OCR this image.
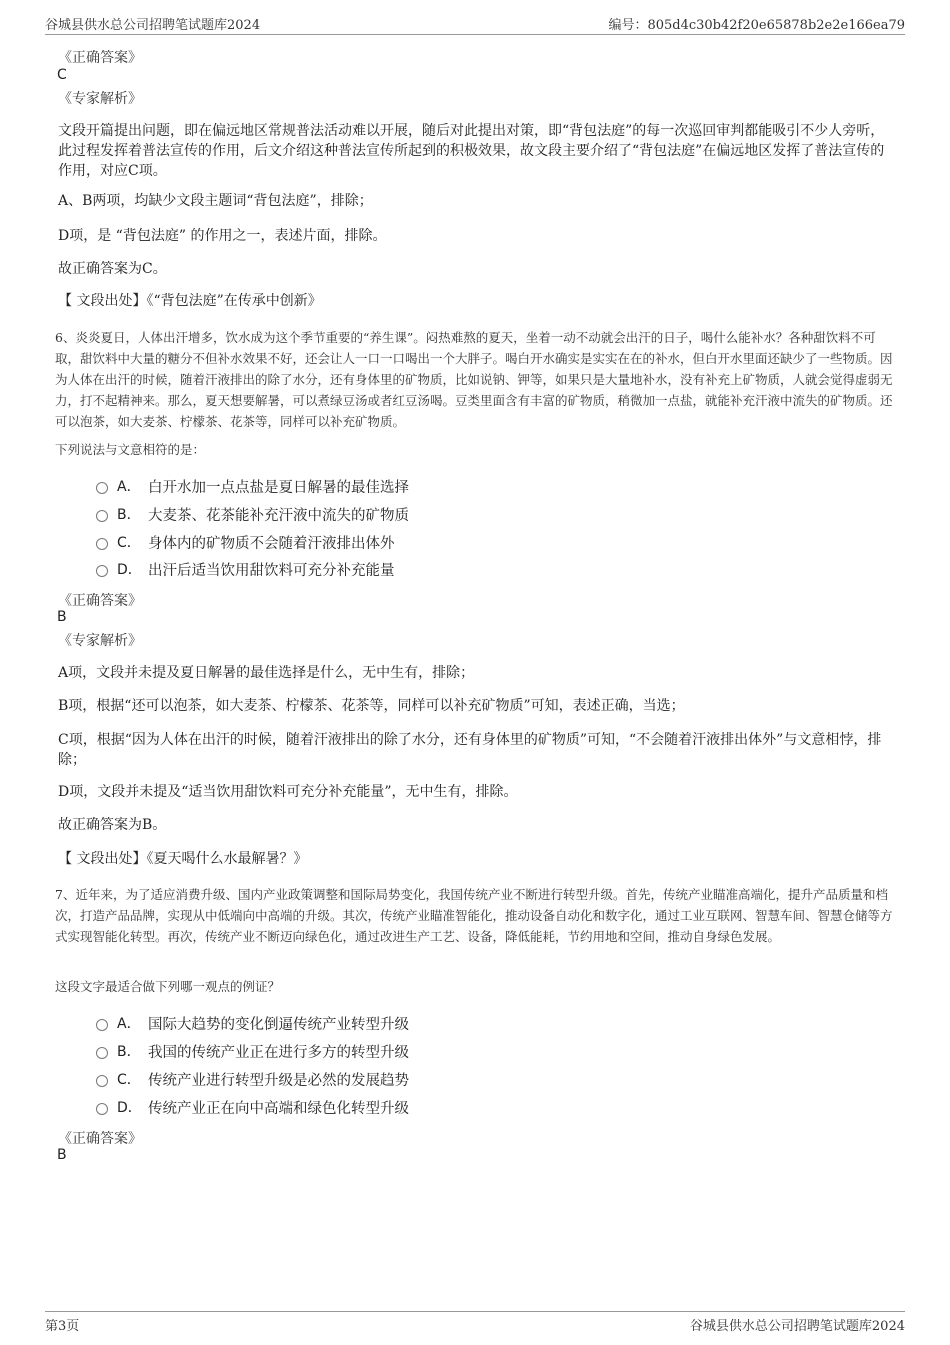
谷城县供水总公司招聘笔试题库2024	编号：805d4c30b42f20e65878b2e2e166ea79
《正确答案》
C
《专家解析》
文段开篇提出问题，即在偏远地区常规普法活动难以开展，随后对此提出对策，即“背包法庭”的每一次巡回审判都能吸引不少人旁听，此过程发挥着普法宣传的作用，后文介绍这种普法宣传所起到的积极效果，故文段主要介绍了“背包法庭”在偏远地区发挥了普法宣传的作用，对应C项。
A、B两项，均缺少文段主题词“背包法庭”，排除；
D项，是 “背包法庭” 的作用之一，表述片面，排除。
故正确答案为C。
【 文段出处】《“背包法庭”在传承中创新》
6、炎炎夏日，人体出汗增多，饮水成为这个季节重要的“养生课”。闷热难熬的夏天，坐着一动不动就会出汗的日子，喝什么能补水？各种甜饮料不可取，甜饮料中大量的糖分不但补水效果不好，还会让人一口一口喝出一个大胖子。喝白开水确实是实实在在的补水，但白开水里面还缺少了一些物质。因为人体在出汗的时候，随着汗液排出的除了水分，还有身体里的矿物质，比如说钠、钾等，如果只是大量地补水，没有补充上矿物质，人就会觉得虚弱无力，打不起精神来。那么，夏天想要解暑，可以煮绿豆汤或者红豆汤喝。豆类里面含有丰富的矿物质，稍微加一点盐，就能补充汗液中流失的矿物质。还可以泡茶，如大麦茶、柠檬茶、花茶等，同样可以补充矿物质。
下列说法与文意相符的是：
A． 白开水加一点点盐是夏日解暑的最佳选择
B． 大麦茶、花茶能补充汗液中流失的矿物质
C． 身体内的矿物质不会随着汗液排出体外
D． 出汗后适当饮用甜饮料可充分补充能量
《正确答案》
B
《专家解析》
A项，文段并未提及夏日解暑的最佳选择是什么，无中生有，排除；
B项，根据“还可以泡茶，如大麦茶、柠檬茶、花茶等，同样可以补充矿物质”可知，表述正确，当选；
C项，根据“因为人体在出汗的时候，随着汗液排出的除了水分，还有身体里的矿物质”可知，“不会随着汗液排出体外”与文意相悖，排除；
D项，文段并未提及“适当饮用甜饮料可充分补充能量”，无中生有，排除。
故正确答案为B。
【 文段出处】《夏天喝什么水最解暑？》
7、近年来，为了适应消费升级、国内产业政策调整和国际局势变化，我国传统产业不断进行转型升级。首先，传统产业瞄准高端化，提升产品质量和档次，打造产品品牌，实现从中低端向中高端的升级。其次，传统产业瞄准智能化，推动设备自动化和数字化，通过工业互联网、智慧车间、智慧仓储等方式实现智能化转型。再次，传统产业不断迈向绿色化，通过改进生产工艺、设备，降低能耗，节约用地和空间，推动自身绿色发展。
这段文字最适合做下列哪一观点的例证？
A． 国际大趋势的变化倒逼传统产业转型升级
B． 我国的传统产业正在进行多方的转型升级
C． 传统产业进行转型升级是必然的发展趋势
D． 传统产业正在向中高端和绿色化转型升级
《正确答案》
B
第3页	谷城县供水总公司招聘笔试题库2024
